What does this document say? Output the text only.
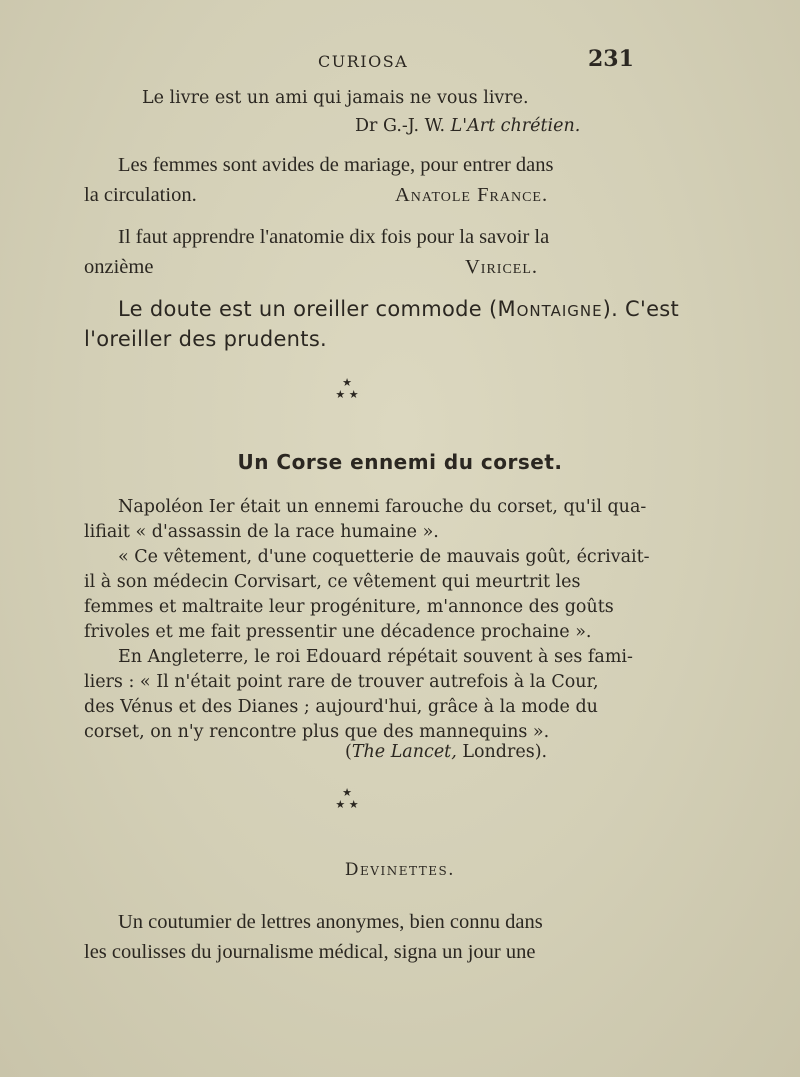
CURIOSA	231
Le livre est un ami qui jamais ne vous livre.
Dr G.-J. W. L'Art chrétien.
Les femmes sont avides de mariage, pour entrer dans
la circulation.	Anatole France.
Il faut apprendre l'anatomie dix fois pour la savoir la
onzième	Viricel.
Le doute est un oreiller commode (Montaigne). C'est
l'oreiller des prudents.
★
★ ★
Un Corse ennemi du corset.
Napoléon Ier était un ennemi farouche du corset, qu'il qua-
lifiait « d'assassin de la race humaine ».
« Ce vêtement, d'une coquetterie de mauvais goût, écrivait-
il à son médecin Corvisart, ce vêtement qui meurtrit les
femmes et maltraite leur progéniture, m'annonce des goûts
frivoles et me fait pressentir une décadence prochaine ».
En Angleterre, le roi Edouard répétait souvent à ses fami-
liers : « Il n'était point rare de trouver autrefois à la Cour,
des Vénus et des Dianes ; aujourd'hui, grâce à la mode du
corset, on n'y rencontre plus que des mannequins ».
(The Lancet, Londres).
★
★ ★
Devinettes.
Un coutumier de lettres anonymes, bien connu dans
les coulisses du journalisme médical, signa un jour une
